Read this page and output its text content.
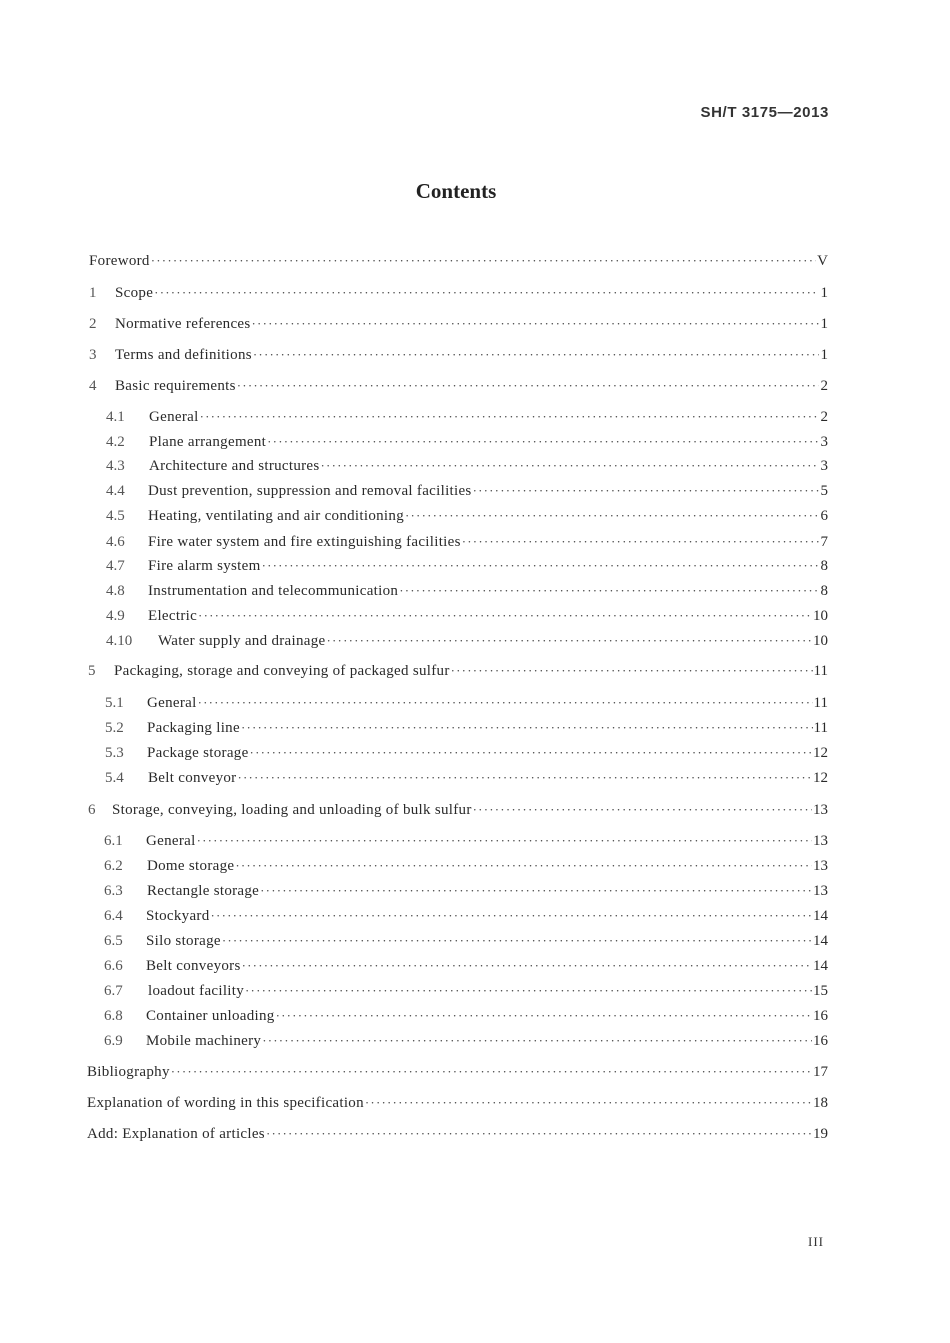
SH/T 3175—2013
Contents
Foreword ·····	V
1	Scope ·····	1
2	Normative references ·····	1
3	Terms and definitions ·····	1
4	Basic requirements ·····	2
4.1	General ·····	2
4.2	Plane arrangement ·····	3
4.3	Architecture and structures ·····	3
4.4	Dust prevention, suppression and removal facilities ·····	5
4.5	Heating, ventilating and air conditioning ·····	6
4.6	Fire water system and fire extinguishing facilities ·····	7
4.7	Fire alarm system ·····	8
4.8	Instrumentation and telecommunication ·····	8
4.9	Electric ·····	10
4.10	Water supply and drainage ·····	10
5	Packaging, storage and conveying of packaged sulfur ·····	11
5.1	General ·····	11
5.2	Packaging line ·····	11
5.3	Package storage ·····	12
5.4	Belt conveyor ·····	12
6	Storage, conveying, loading and unloading of bulk sulfur ·····	13
6.1	General ·····	13
6.2	Dome storage ·····	13
6.3	Rectangle storage ·····	13
6.4	Stockyard ·····	14
6.5	Silo storage ·····	14
6.6	Belt conveyors ·····	14
6.7	loadout facility ·····	15
6.8	Container unloading ·····	16
6.9	Mobile machinery ·····	16
Bibliography ·····	17
Explanation of wording in this specification ·····	18
Add: Explanation of articles ·····	19
III
